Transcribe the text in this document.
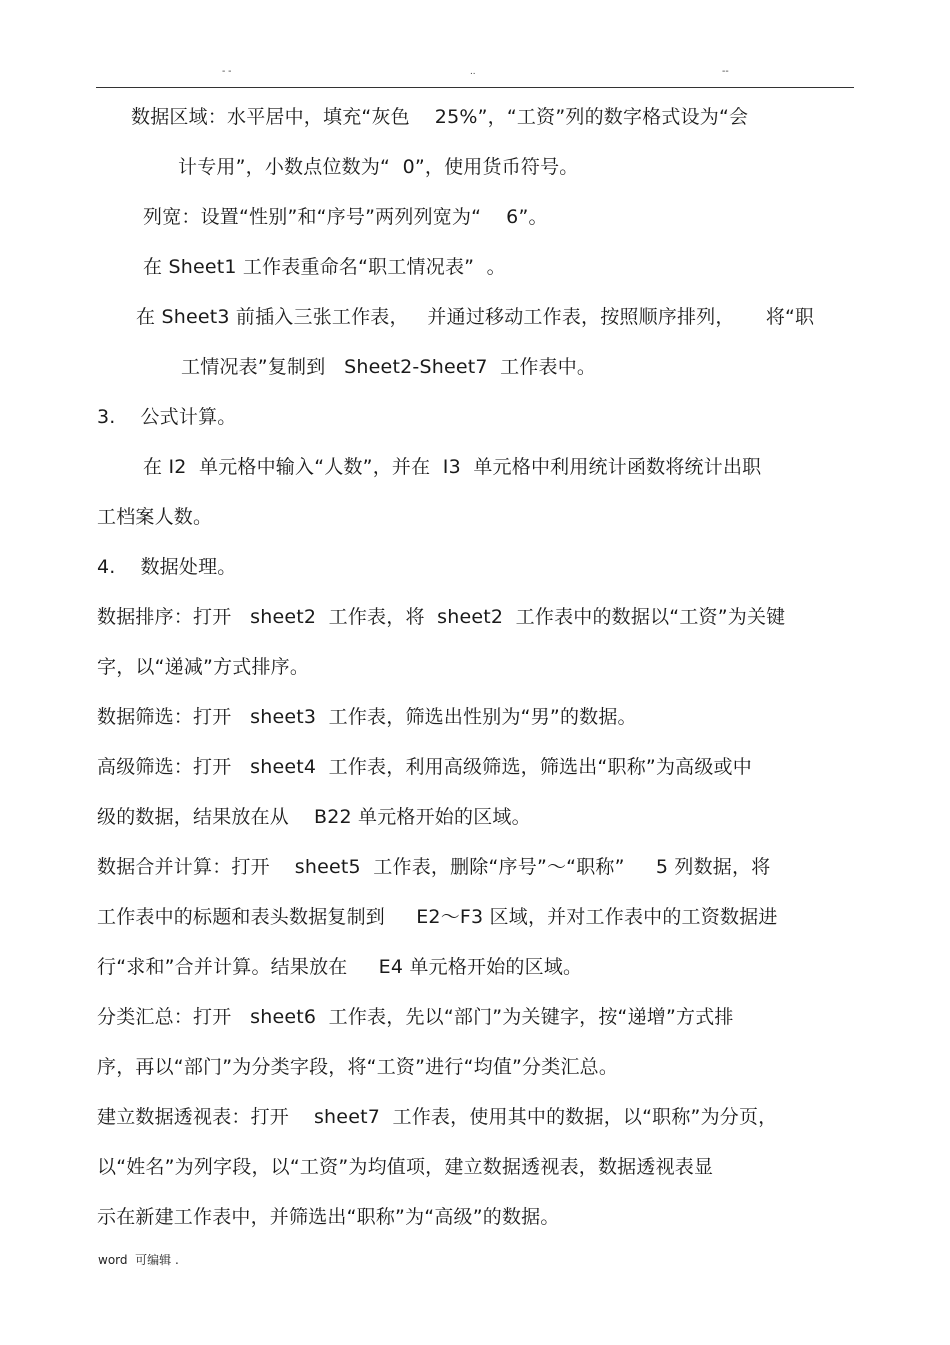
- -	..	--
数据区域：水平居中，填充“灰色    25%”，“工资”列的数字格式设为“会
计专用”，小数点位数为“  0”，使用货币符号。
列宽：设置“性别”和“序号”两列列宽为“    6”。
在 Sheet1 工作表重命名“职工情况表”  。
在 Sheet3 前插入三张工作表，   并通过移动工作表，按照顺序排列，     将“职
工情况表”复制到   Sheet2-Sheet7  工作表中。
3.    公式计算。
在 I2  单元格中输入“人数”，并在  I3  单元格中利用统计函数将统计出职
工档案人数。
4.    数据处理。
数据排序：打开   sheet2  工作表，将  sheet2  工作表中的数据以“工资”为关键
字，以“递减”方式排序。
数据筛选：打开   sheet3  工作表，筛选出性别为“男”的数据。
高级筛选：打开   sheet4  工作表，利用高级筛选，筛选出“职称”为高级或中
级的数据，结果放在从    B22 单元格开始的区域。
数据合并计算：打开    sheet5  工作表，删除“序号”～“职称”     5 列数据，将
工作表中的标题和表头数据复制到     E2～F3 区域，并对工作表中的工资数据进
行“求和”合并计算。结果放在     E4 单元格开始的区域。
分类汇总：打开   sheet6  工作表，先以“部门”为关键字，按“递增”方式排
序，再以“部门”为分类字段，将“工资”进行“均值”分类汇总。
建立数据透视表：打开    sheet7  工作表，使用其中的数据，以“职称”为分页，
以“姓名”为列字段，以“工资”为均值项，建立数据透视表，数据透视表显
示在新建工作表中，并筛选出“职称”为“高级”的数据。
word  可编辑 .
